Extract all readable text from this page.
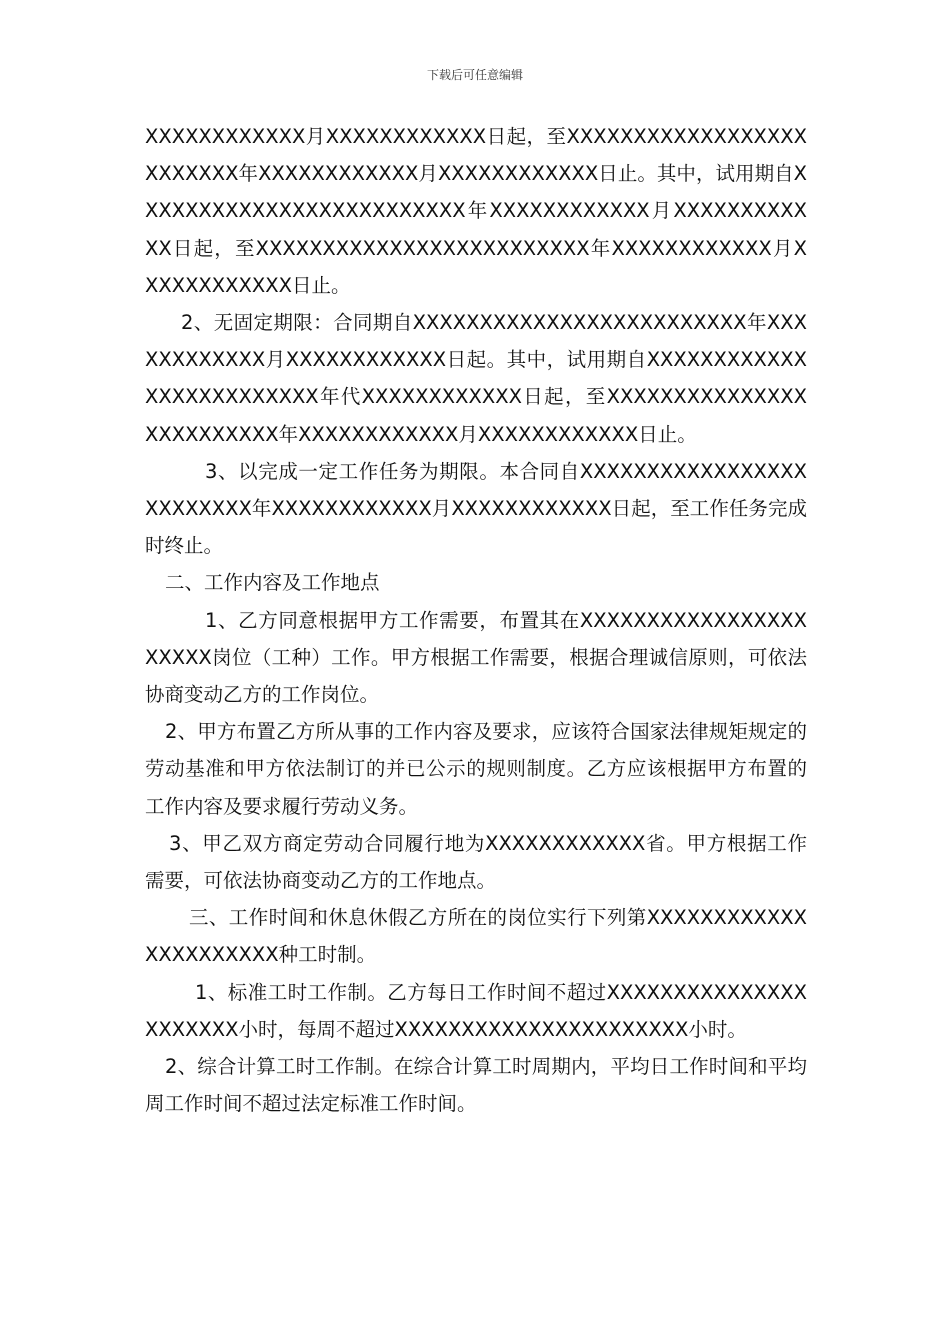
下载后可任意编辑

XXXXXXXXXXXX月XXXXXXXXXXXX日起，至XXXXXXXXXXXXXXXXXXXXXXXXX年XXXXXXXXXXXX月XXXXXXXXXXXX日止。其中，试用期自XXXXXXXXXXXXXXXXXXXXXXXXX年XXXXXXXXXXXX月XXXXXXXXXXXX日起，至XXXXXXXXXXXXXXXXXXXXXXXXX年XXXXXXXXXXXX月XXXXXXXXXXXX日止。

2、无固定期限：合同期自XXXXXXXXXXXXXXXXXXXXXXXXX年XXXXXXXXXXXX月XXXXXXXXXXXX日起。其中，试用期自XXXXXXXXXXXXXXXXXXXXXXXXX年代XXXXXXXXXXXX日起，至XXXXXXXXXXXXXXXXXXXXXXXXX年XXXXXXXXXXXX月XXXXXXXXXXXX日止。

3、以完成一定工作任务为期限。本合同自XXXXXXXXXXXXXXXXXXXXXXXXX年XXXXXXXXXXXX月XXXXXXXXXXXX日起，至工作任务完成时终止。

二、工作内容及工作地点

1、乙方同意根据甲方工作需要，布置其在XXXXXXXXXXXXXXXXXXXXXX岗位（工种）工作。甲方根据工作需要，根据合理诚信原则，可依法协商变动乙方的工作岗位。

2、甲方布置乙方所从事的工作内容及要求，应该符合国家法律规矩规定的劳动基准和甲方依法制订的并已公示的规则制度。乙方应该根据甲方布置的工作内容及要求履行劳动义务。

3、甲乙双方商定劳动合同履行地为XXXXXXXXXXXX省。甲方根据工作需要，可依法协商变动乙方的工作地点。

三、工作时间和休息休假乙方所在的岗位实行下列第XXXXXXXXXXXXXXXXXXXXXX种工时制。

1、标准工时工作制。乙方每日工作时间不超过XXXXXXXXXXXXXXXXXXXXXX小时，每周不超过XXXXXXXXXXXXXXXXXXXXXX小时。

2、综合计算工时工作制。在综合计算工时周期内，平均日工作时间和平均周工作时间不超过法定标准工作时间。
